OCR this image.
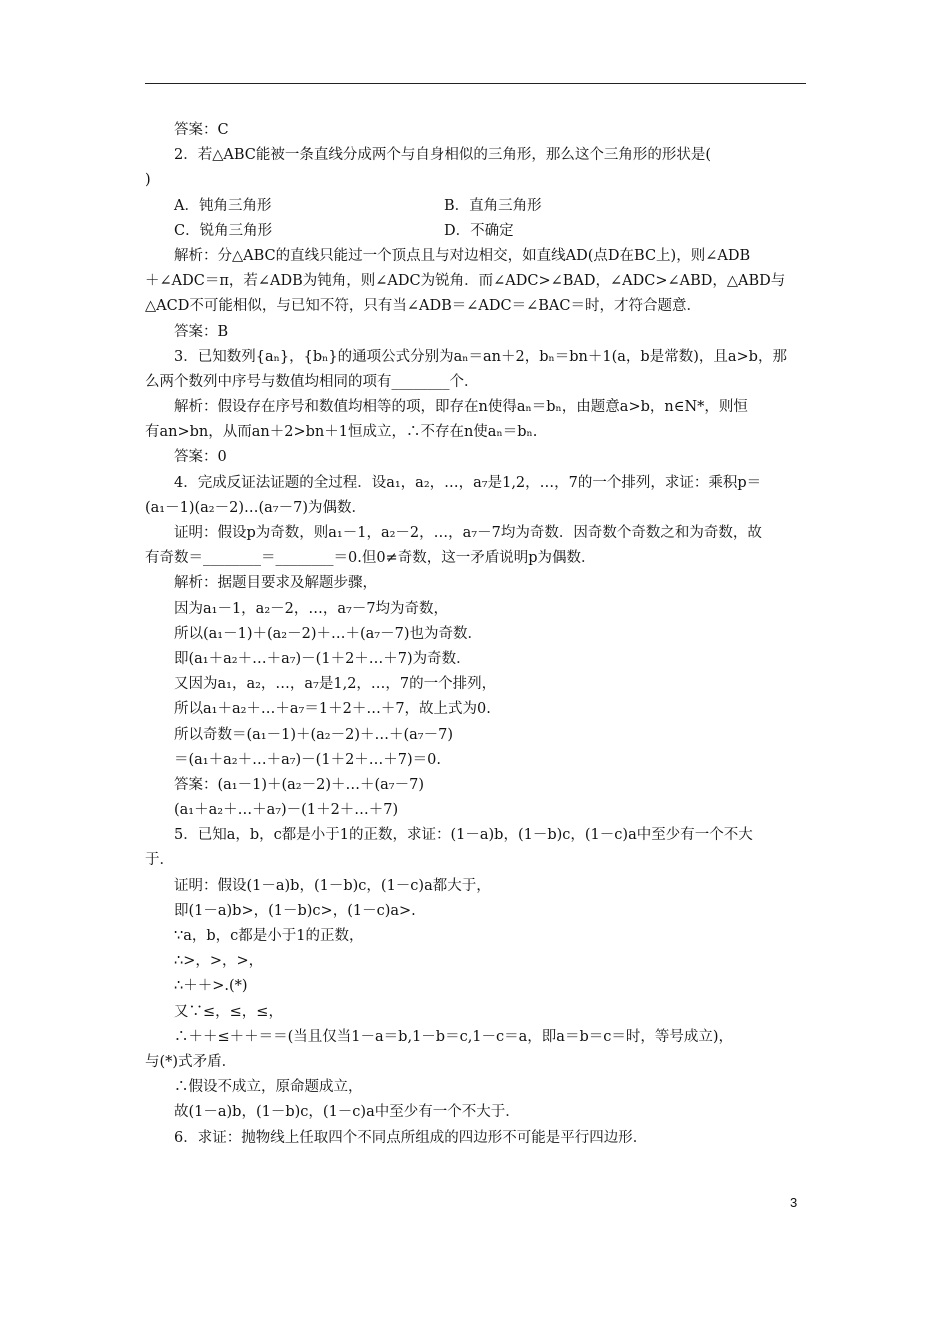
答案：C
2．若△ABC能被一条直线分成两个与自身相似的三角形，那么这个三角形的形状是(
)
A．钝角三角形	B．直角三角形
C．锐角三角形	D．不确定
解析：分△ABC的直线只能过一个顶点且与对边相交，如直线AD(点D在BC上)，则∠ADB
＋∠ADC＝π，若∠ADB为钝角，则∠ADC为锐角．而∠ADC>∠BAD，∠ADC>∠ABD，△ABD与
△ACD不可能相似，与已知不符，只有当∠ADB＝∠ADC＝∠BAC＝时，才符合题意．
答案：B
3．已知数列{aₙ}，{bₙ}的通项公式分别为aₙ＝an＋2，bₙ＝bn＋1(a，b是常数)，且a>b，那
么两个数列中序号与数值均相同的项有________个．
解析：假设存在序号和数值均相等的项，即存在n使得aₙ＝bₙ，由题意a>b，n∈N*，则恒
有an>bn，从而an＋2>bn＋1恒成立，∴不存在n使aₙ＝bₙ.
答案：0
4．完成反证法证题的全过程．设a₁，a₂，…，a₇是1,2，…，7的一个排列，求证：乘积p＝
(a₁－1)(a₂－2)…(a₇－7)为偶数．
证明：假设p为奇数，则a₁－1，a₂－2，…，a₇－7均为奇数．因奇数个奇数之和为奇数，故
有奇数＝________＝________＝0.但0≠奇数，这一矛盾说明p为偶数．
解析：据题目要求及解题步骤，
因为a₁－1，a₂－2，…，a₇－7均为奇数，
所以(a₁－1)＋(a₂－2)＋…＋(a₇－7)也为奇数．
即(a₁＋a₂＋…＋a₇)－(1＋2＋…＋7)为奇数．
又因为a₁，a₂，…，a₇是1,2，…，7的一个排列，
所以a₁＋a₂＋…＋a₇＝1＋2＋…＋7，故上式为0.
所以奇数＝(a₁－1)＋(a₂－2)＋…＋(a₇－7)
＝(a₁＋a₂＋…＋a₇)－(1＋2＋…＋7)＝0.
答案：(a₁－1)＋(a₂－2)＋…＋(a₇－7)
(a₁＋a₂＋…＋a₇)－(1＋2＋…＋7)
5．已知a，b，c都是小于1的正数，求证：(1－a)b，(1－b)c，(1－c)a中至少有一个不大
于．
证明：假设(1－a)b，(1－b)c，(1－c)a都大于，
即(1－a)b>，(1－b)c>，(1－c)a>.
∵a，b，c都是小于1的正数，
∴>，>，>，
∴＋＋>.(*)
又∵≤，≤，≤，
∴＋＋≤＋＋＝＝(当且仅当1－a＝b,1－b＝c,1－c＝a，即a＝b＝c＝时，等号成立)，
与(*)式矛盾．
∴假设不成立，原命题成立，
故(1－a)b，(1－b)c，(1－c)a中至少有一个不大于．
6．求证：抛物线上任取四个不同点所组成的四边形不可能是平行四边形．
3
